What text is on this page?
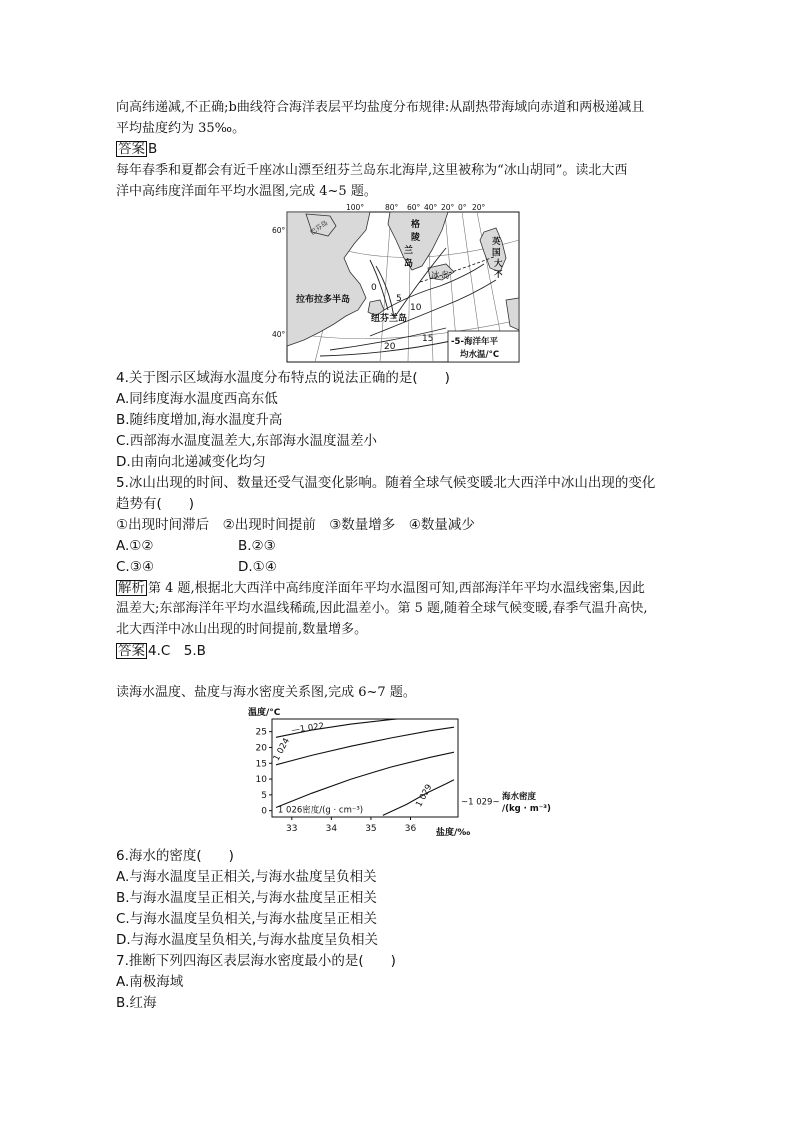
向高纬递减,不正确;b曲线符合海洋表层平均盐度分布规律:从副热带海域向赤道和两极递减且
平均盐度约为 35‰。
答案 B
每年春季和夏都会有近千座冰山漂至纽芬兰岛东北海岸,这里被称为“冰山胡同”。读北大西
洋中高纬度洋面年平均水温图,完成 4~5 题。
100°	80° 60° 40° 20° 0° 20°
60°
40°
格
陵
兰
岛
巴芬岛
冰 岛
英
国
大
不
拉布拉多半岛
纽芬兰岛
0
5
10
15
20	-5-海洋年平
均水温/°C
4.关于图示区域海水温度分布特点的说法正确的是(　　)
A.同纬度海水温度西高东低
B.随纬度增加,海水温度升高
C.西部海水温度温差大,东部海水温度温差小
D.由南向北递减变化均匀
5.冰山出现的时间、数量还受气温变化影响。随着全球气候变暖北大西洋中冰山出现的变化
趋势有(　　)
①出现时间滞后　②出现时间提前　③数量增多　④数量减少
A.①②	B.②③
C.③④	D.①④
解析 第 4 题,根据北大西洋中高纬度洋面年平均水温图可知,西部海洋年平均水温线密集,因此
温差大;东部海洋年平均水温线稀疏,因此温差小。第 5 题,随着全球气候变暖,春季气温升高快,
北大西洋中冰山出现的时间提前,数量增多。
答案 4.C　5.B
读海水温度、盐度与海水密度关系图,完成 6~7 题。
温度/°C
盐度/‰
海水密度
/(kg · m⁻³)
0
5
10
15
20
25
33	34	35	36
—1 022
1 024
1 026密度/(g · cm⁻³)
1 029	~1 029~
6.海水的密度(　　)
A.与海水温度呈正相关,与海水盐度呈负相关
B.与海水温度呈正相关,与海水盐度呈正相关
C.与海水温度呈负相关,与海水盐度呈正相关
D.与海水温度呈负相关,与海水盐度呈负相关
7.推断下列四海区表层海水密度最小的是(　　)
A.南极海域
B.红海
